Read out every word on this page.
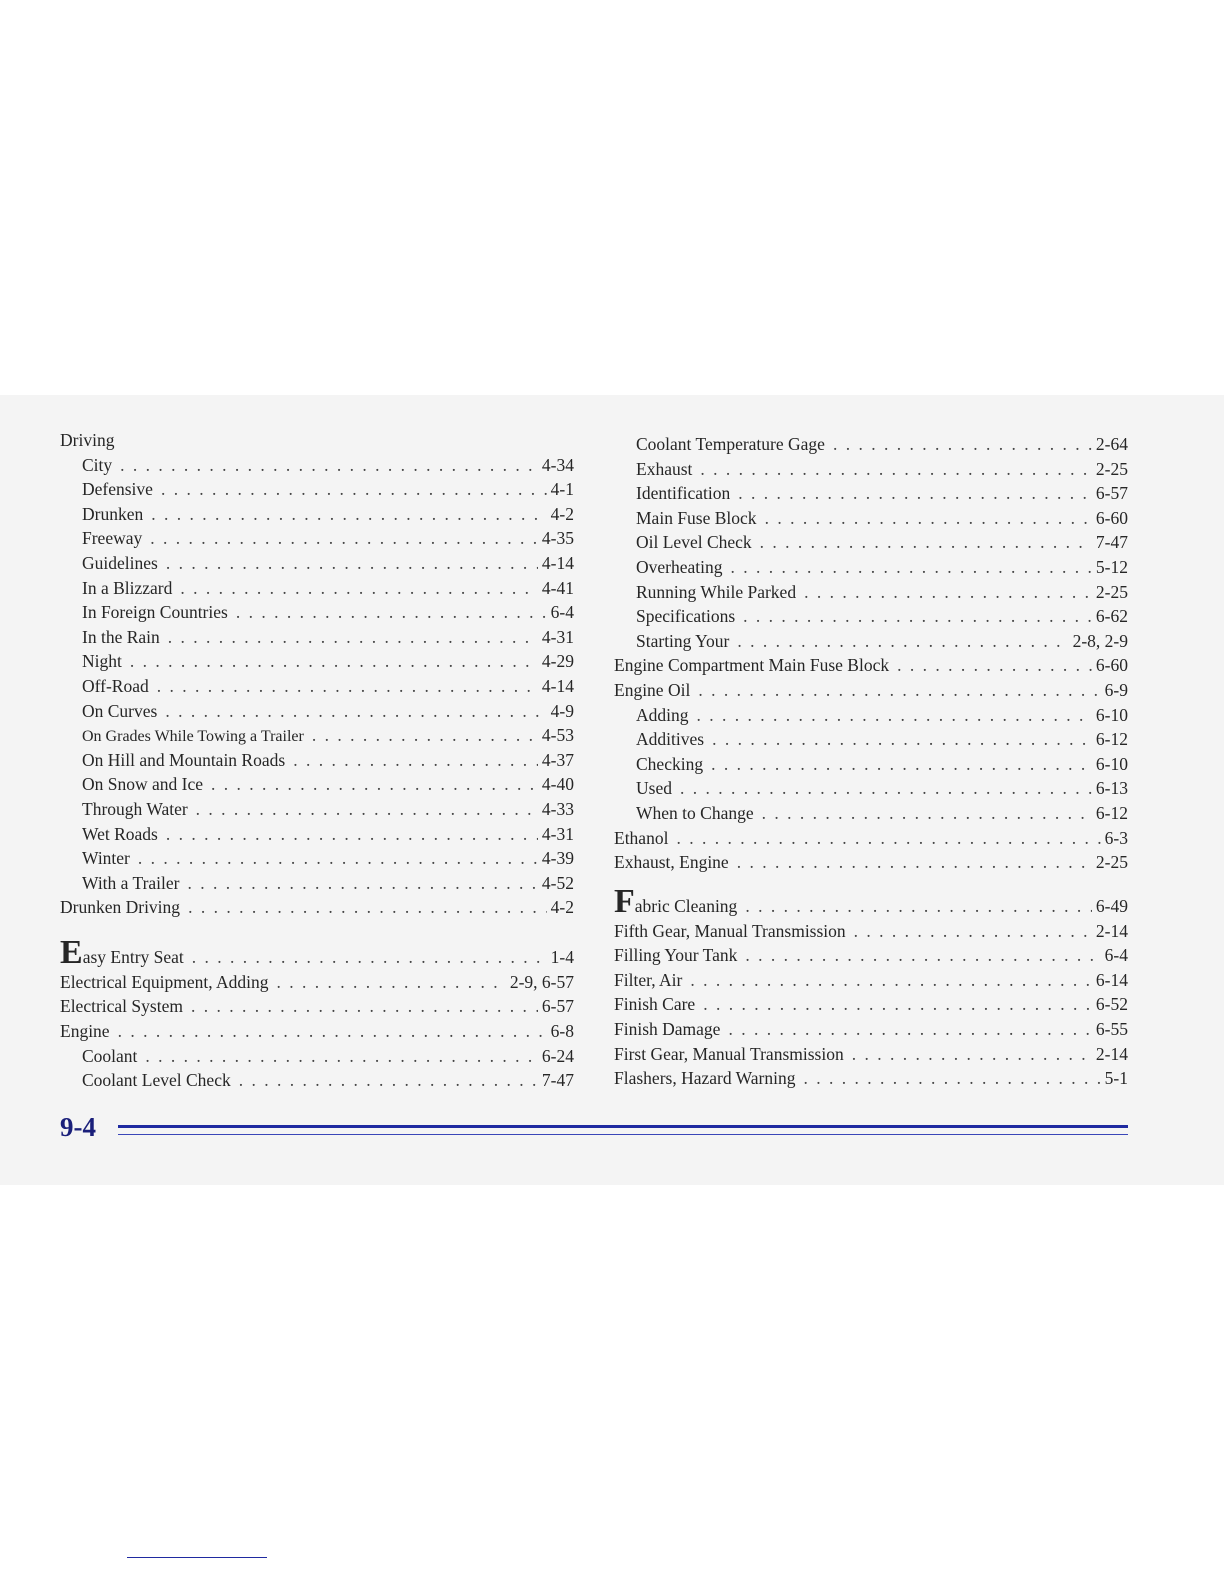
Driving
City . . .	4-34
Defensive . . .	4-1
Drunken . . .	4-2
Freeway . . .	4-35
Guidelines . . .	4-14
In a Blizzard . . .	4-41
In Foreign Countries . . .	6-4
In the Rain . . .	4-31
Night . . .	4-29
Off-Road . . .	4-14
On Curves . . .	4-9
On Grades While Towing a Trailer . . .	4-53
On Hill and Mountain Roads . . .	4-37
On Snow and Ice . . .	4-40
Through Water . . .	4-33
Wet Roads . . .	4-31
Winter . . .	4-39
With a Trailer . . .	4-52
Drunken Driving . . .	4-2
Easy Entry Seat . . .	1-4
Electrical Equipment, Adding . . .	2-9, 6-57
Electrical System . . .	6-57
Engine . . .	6-8
Coolant . . .	6-24
Coolant Level Check . . .	7-47
Coolant Temperature Gage . . .	2-64
Exhaust . . .	2-25
Identification . . .	6-57
Main Fuse Block . . .	6-60
Oil Level Check . . .	7-47
Overheating . . .	5-12
Running While Parked . . .	2-25
Specifications . . .	6-62
Starting Your . . .	2-8, 2-9
Engine Compartment Main Fuse Block . . .	6-60
Engine Oil . . .	6-9
Adding . . .	6-10
Additives . . .	6-12
Checking . . .	6-10
Used . . .	6-13
When to Change . . .	6-12
Ethanol . . .	6-3
Exhaust, Engine . . .	2-25
Fabric Cleaning . . .	6-49
Fifth Gear, Manual Transmission . . .	2-14
Filling Your Tank . . .	6-4
Filter, Air . . .	6-14
Finish Care . . .	6-52
Finish Damage . . .	6-55
First Gear, Manual Transmission . . .	2-14
Flashers, Hazard Warning . . .	5-1
9-4
